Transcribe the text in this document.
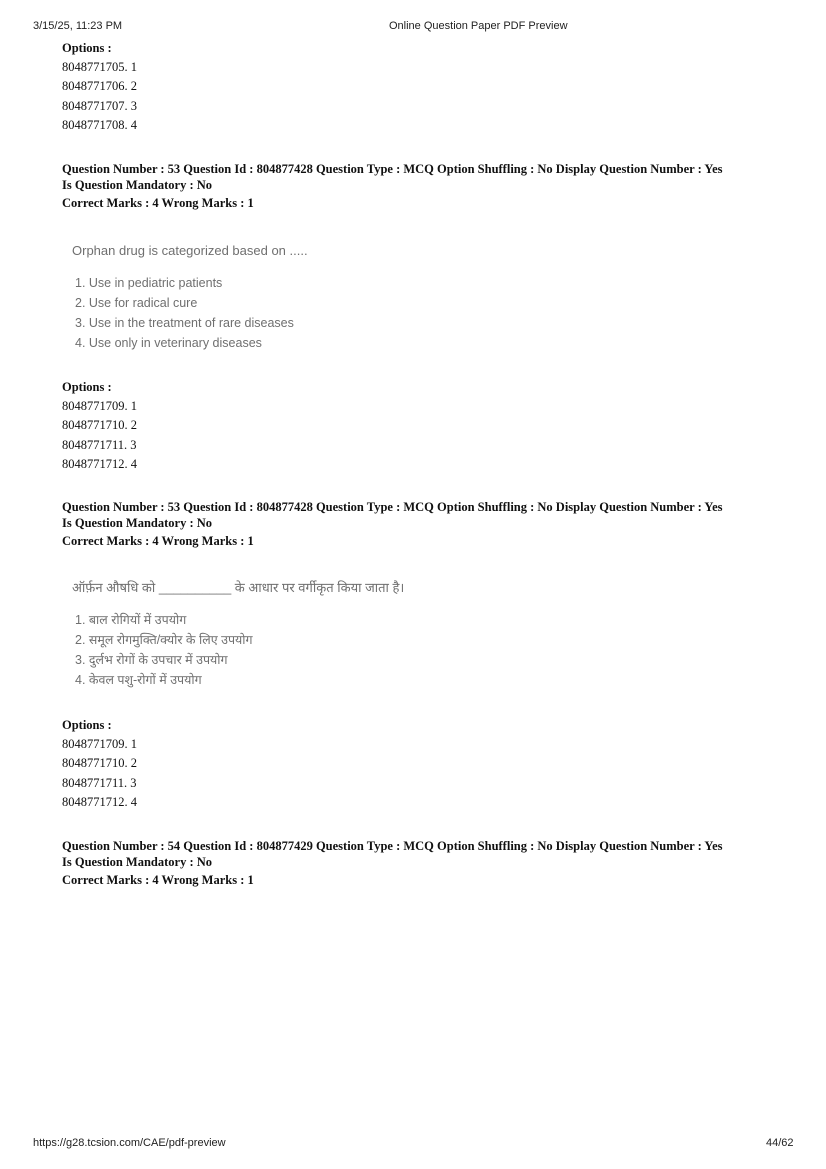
3/15/25, 11:23 PM	Online Question Paper PDF Preview
Options :
8048771705. 1
8048771706. 2
8048771707. 3
8048771708. 4
Question Number : 53 Question Id : 804877428 Question Type : MCQ Option Shuffling : No Display Question Number : Yes
Is Question Mandatory : No
Correct Marks : 4 Wrong Marks : 1
Orphan drug is categorized based on .....
1. Use in pediatric patients
2. Use for radical cure
3. Use in the treatment of rare diseases
4. Use only in veterinary diseases
Options :
8048771709. 1
8048771710. 2
8048771711. 3
8048771712. 4
Question Number : 53 Question Id : 804877428 Question Type : MCQ Option Shuffling : No Display Question Number : Yes
Is Question Mandatory : No
Correct Marks : 4 Wrong Marks : 1
ऑर्फ़न औषधि को __________ के आधार पर वर्गीकृत किया जाता है।
1. बाल रोगियों में उपयोग
2. समूल रोगमुक्ति/क्योर के लिए उपयोग
3. दुर्लभ रोगों के उपचार में उपयोग
4. केवल पशु-रोगों में उपयोग
Options :
8048771709. 1
8048771710. 2
8048771711. 3
8048771712. 4
Question Number : 54 Question Id : 804877429 Question Type : MCQ Option Shuffling : No Display Question Number : Yes
Is Question Mandatory : No
Correct Marks : 4 Wrong Marks : 1
https://g28.tcsion.com/CAE/pdf-preview	44/62
